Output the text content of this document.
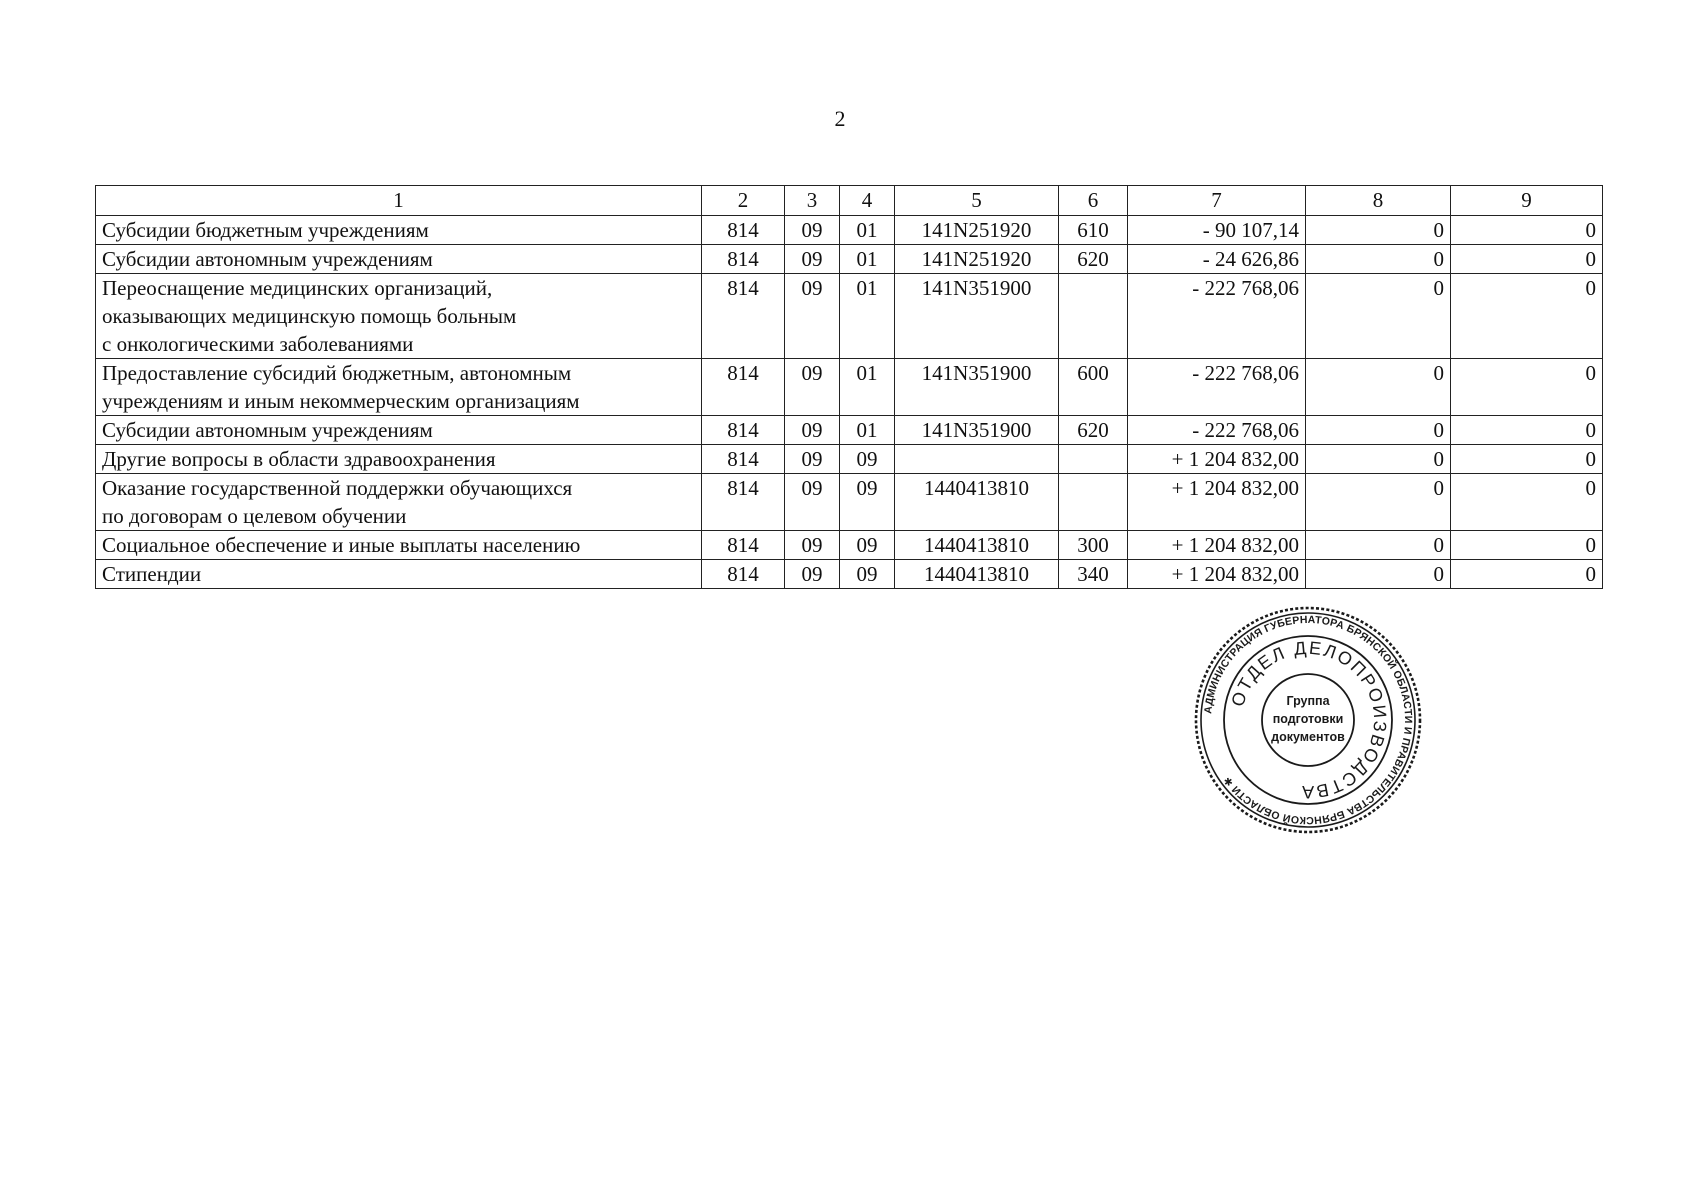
2
1	2	3	4	5	6	7	8	9
Субсидии бюджетным учреждениям	814	09	01	141N251920	610	- 90 107,14	0	0
Субсидии автономным учреждениям	814	09	01	141N251920	620	- 24 626,86	0	0
Переоснащение медицинских организаций,
оказывающих медицинскую помощь больным
с онкологическими заболеваниями	814	09	01	141N351900		- 222 768,06	0	0
Предоставление субсидий бюджетным, автономным
учреждениям и иным некоммерческим организациям	814	09	01	141N351900	600	- 222 768,06	0	0
Субсидии автономным учреждениям	814	09	01	141N351900	620	- 222 768,06	0	0
Другие вопросы в области здравоохранения	814	09	09			+ 1 204 832,00	0	0
Оказание государственной поддержки обучающихся
по договорам о целевом обучении	814	09	09	1440413810		+ 1 204 832,00	0	0
Социальное обеспечение и иные выплаты населению	814	09	09	1440413810	300	+ 1 204 832,00	0	0
Стипендии	814	09	09	1440413810	340	+ 1 204 832,00	0	0
АДМИНИСТРАЦИЯ ГУБЕРНАТОРА БРЯНСКОЙ ОБЛАСТИ И ПРАВИТЕЛЬСТВА БРЯНСКОЙ ОБЛАСТИ ✱
ОТДЕЛ ДЕЛОПРОИЗВОДСТВА
Группа
подготовки
документов
